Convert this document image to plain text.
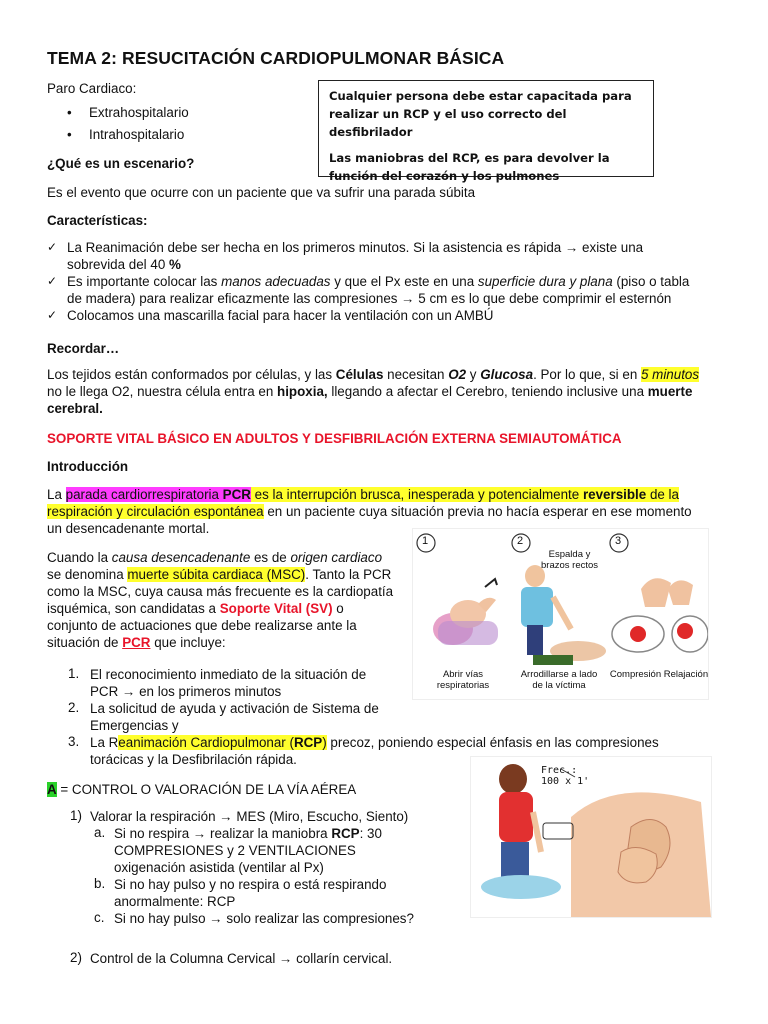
TEMA 2: RESUCITACIÓN CARDIOPULMONAR BÁSICA

Paro Cardiaco:

• Extrahospitalario
• Intrahospitalario

Cualquier persona debe estar capacitada para realizar un RCP y el uso correcto del desfibrilador

Las maniobras del RCP, es para devolver la función del corazón y los pulmones

¿Qué es un escenario?

Es el evento que ocurre con un paciente que va sufrir una parada súbita

Características:

✓ La Reanimación debe ser hecha en los primeros minutos. Si la asistencia es rápida → existe una

sobrevida del 40 %

✓ Es importante colocar las manos adecuadas y que el Px este en una superficie dura y plana (piso o tabla

de madera) para realizar eficazmente las compresiones → 5 cm es lo que debe comprimir el esternón

✓ Colocamos una mascarilla facial para hacer la ventilación con un AMBÚ

Recordar…

Los tejidos están conformados por células, y las Células necesitan O2 y Glucosa. Por lo que, si en 5 minutos

no le llega O2, nuestra célula entra en hipoxia, llegando a afectar el Cerebro, teniendo inclusive una muerte

cerebral.

SOPORTE VITAL BÁSICO EN ADULTOS Y DESFIBRILACIÓN EXTERNA SEMIAUTOMÁTICA

Introducción

La parada cardiorrespiratoria PCR es la interrupción brusca, inesperada y potencialmente reversible de la

respiración y circulación espontánea en un paciente cuya situación previa no hacía esperar en ese momento

un desencadenante mortal.

Cuando la causa desencadenante es de origen cardiaco

se denomina muerte súbita cardiaca (MSC). Tanto la PCR

como la MSC, cuya causa más frecuente es la cardiopatía

isquémica, son candidatas a Soporte Vital (SV) o

conjunto de actuaciones que debe realizarse ante la

situación de PCR que incluye:

1. El reconocimiento inmediato de la situación de

PCR → en los primeros minutos

2. La solicitud de ayuda y activación de Sistema de

Emergencias y

3. La Reanimación Cardiopulmonar (RCP) precoz, poniendo especial énfasis en las compresiones

torácicas y la Desfibrilación rápida.

1	2	3
Espalda y
brazos rectos
Abrir vías
respiratorias
Arrodillarse a lado
de la víctima
Compresión Relajación
Frec.:
100 x 1'

A = CONTROL O VALORACIÓN DE LA VÍA AÉREA

1) Valorar la respiración → MES (Miro, Escucho, Siento)

a. Si no respira → realizar la maniobra RCP: 30

COMPRESIONES y 2 VENTILACIONES

oxigenación asistida (ventilar al Px)

b. Si no hay pulso y no respira o está respirando

anormalmente: RCP

c. Si no hay pulso → solo realizar las compresiones?

2) Control de la Columna Cervical → collarín cervical.
